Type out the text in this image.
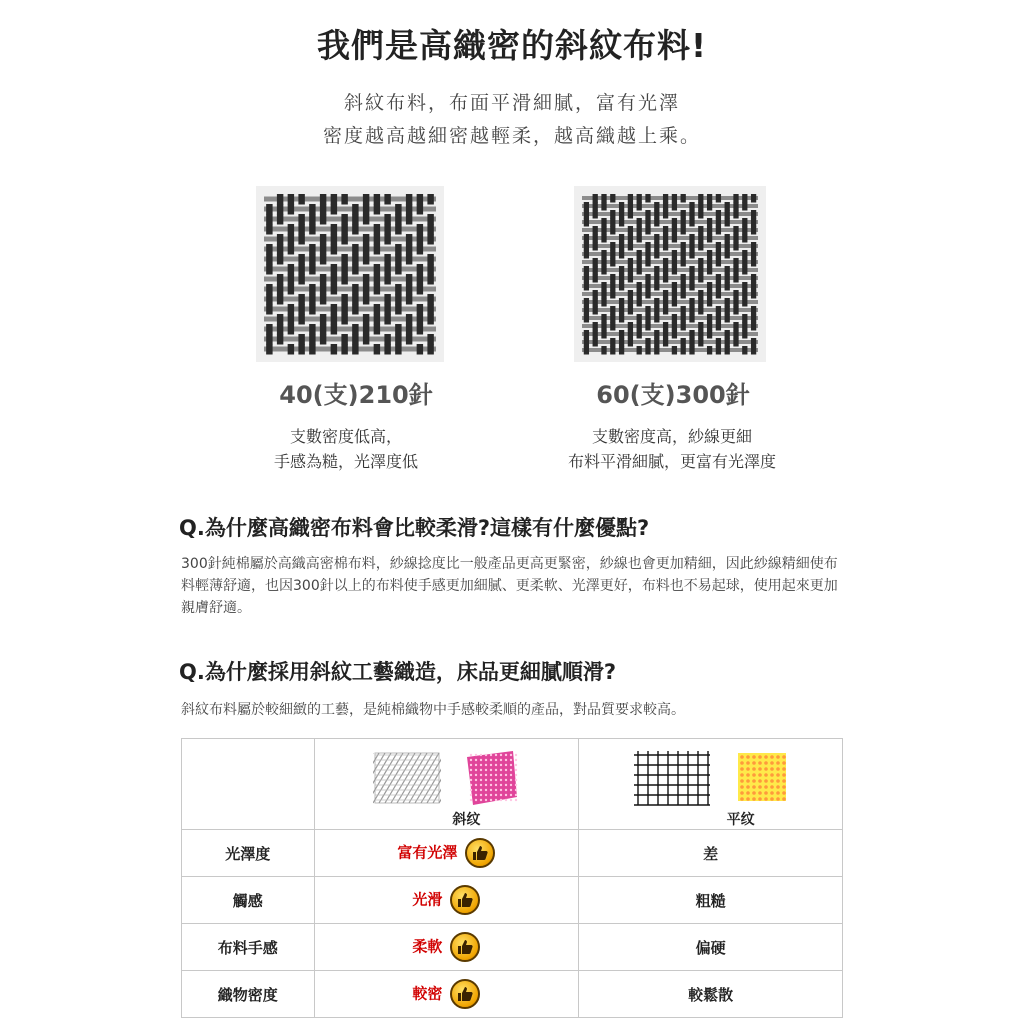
我們是高織密的斜紋布料!
斜紋布料，布面平滑細膩，富有光澤
密度越高越細密越輕柔，越高織越上乘。
40(支)210針	60(支)300針
支數密度低高，
手感為糙，光澤度低
支數密度高，紗線更細
布料平滑細膩，更富有光澤度
Q.為什麼高織密布料會比較柔滑?這樣有什麼優點?
300針純棉屬於高織高密棉布料，紗線捻度比一般產品更高更緊密，紗線也會更加精細，因此紗線精細使布料輕薄舒適，也因300針以上的布料使手感更加細膩、更柔軟、光澤更好，布料也不易起球，使用起來更加親膚舒適。
Q.為什麼採用斜紋工藝織造，床品更細膩順滑?
斜紋布料屬於較細緻的工藝，是純棉織物中手感較柔順的產品，對品質要求較高。

	斜纹	平纹

光澤度	富有光澤	差
觸感	光滑	粗糙
布料手感	柔軟	偏硬
織物密度	較密	較鬆散
